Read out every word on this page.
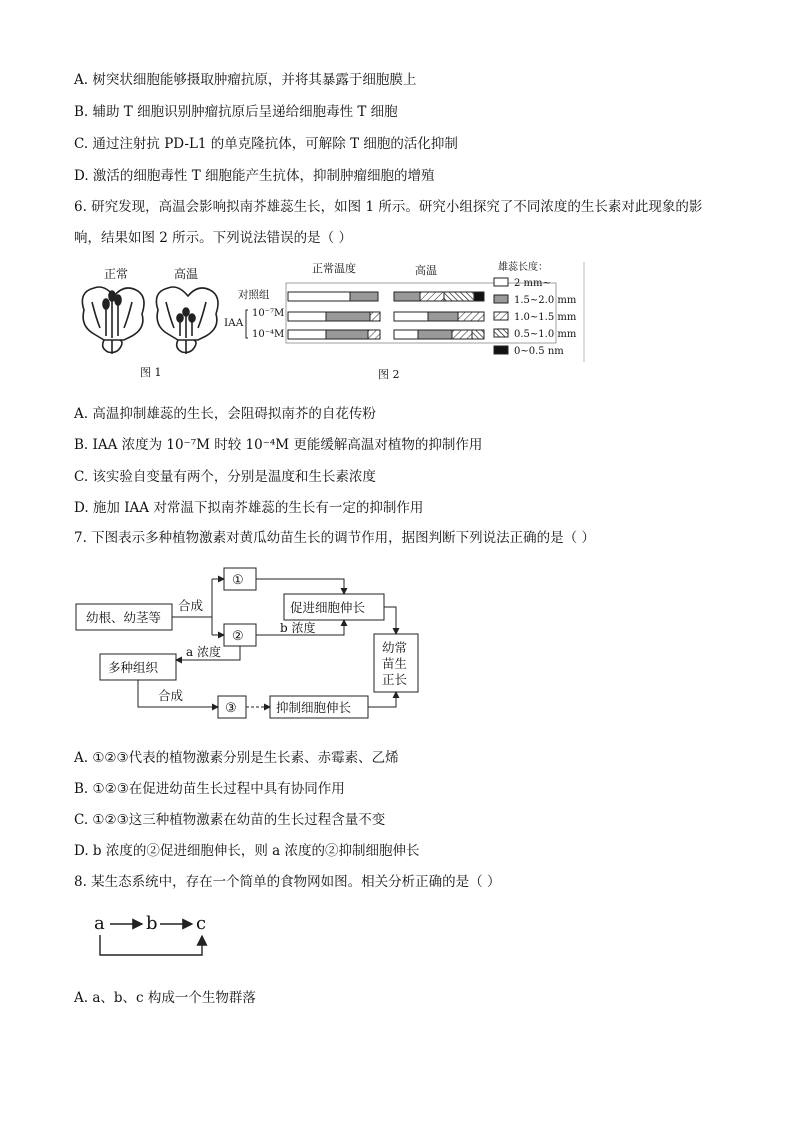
A. 树突状细胞能够摄取肿瘤抗原，并将其暴露于细胞膜上
B. 辅助 T 细胞识别肿瘤抗原后呈递给细胞毒性 T 细胞
C. 通过注射抗 PD-L1 的单克隆抗体，可解除 T 细胞的活化抑制
D. 激活的细胞毒性 T 细胞能产生抗体，抑制肿瘤细胞的增殖
6. 研究发现，高温会影响拟南芥雄蕊生长，如图 1 所示。研究小组探究了不同浓度的生长素对此现象的影
响，结果如图 2 所示。下列说法错误的是（ ）
正常	高温
图 1
正常温度	高温
对照组
IAA
10⁻⁷M
10⁻⁴M
雄蕊长度：
2 mm~
1.5~2.0 mm
1.0~1.5 mm
0.5~1.0 mm
0~0.5 nm
图 2
A. 高温抑制雄蕊的生长，会阻碍拟南芥的自花传粉
B. IAA 浓度为 10⁻⁷M 时较 10⁻⁴M 更能缓解高温对植物的抑制作用
C. 该实验自变量有两个，分别是温度和生长素浓度
D. 施加 IAA 对常温下拟南芥雄蕊的生长有一定的抑制作用
7. 下图表示多种植物激素对黄瓜幼苗生长的调节作用，据图判断下列说法正确的是（ ）
幼根、幼茎等
合成
①
②
促进细胞伸长
b 浓度
a 浓度
多种组织
合成
③	抑制细胞伸长
幼常
苗生
正长
A. ①②③代表的植物激素分别是生长素、赤霉素、乙烯
B. ①②③在促进幼苗生长过程中具有协同作用
C. ①②③这三种植物激素在幼苗的生长过程含量不变
D. b 浓度的②促进细胞伸长，则 a 浓度的②抑制细胞伸长
8. 某生态系统中，存在一个简单的食物网如图。相关分析正确的是（ ）
a b c
A. a、b、c 构成一个生物群落
